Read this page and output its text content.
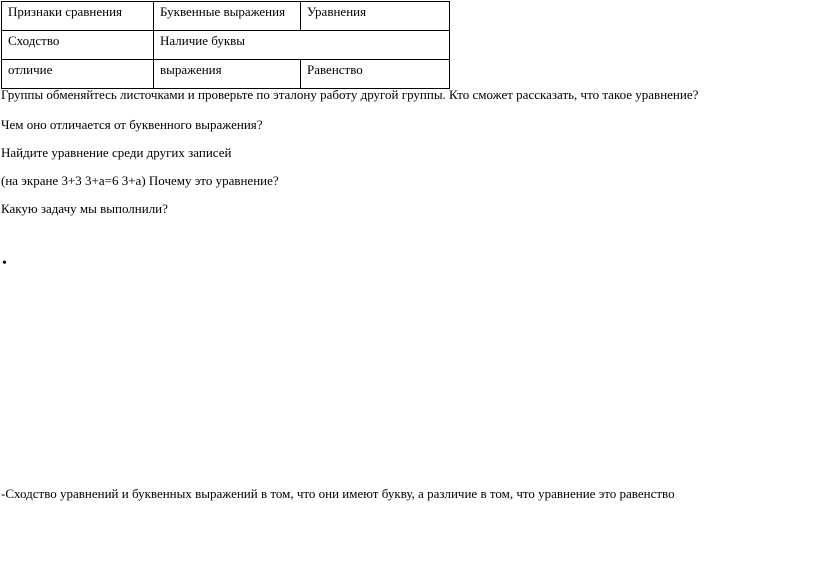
Признаки сравнения	Буквенные выражения	Уравнения
Сходство	Наличие буквы	
отличие	выражения	Равенство
Группы обменяйтесь листочками и проверьте по эталону работу другой группы. Кто сможет рассказать, что такое уравнение?
Чем оно отличается от буквенного выражения?
Найдите уравнение среди других записей
(на экране 3+3 3+а=6 3+а) Почему это уравнение?
Какую задачу мы выполнили?
•
-Сходство уравнений и буквенных выражений в том, что они имеют букву, а различие в том, что уравнение это равенство
